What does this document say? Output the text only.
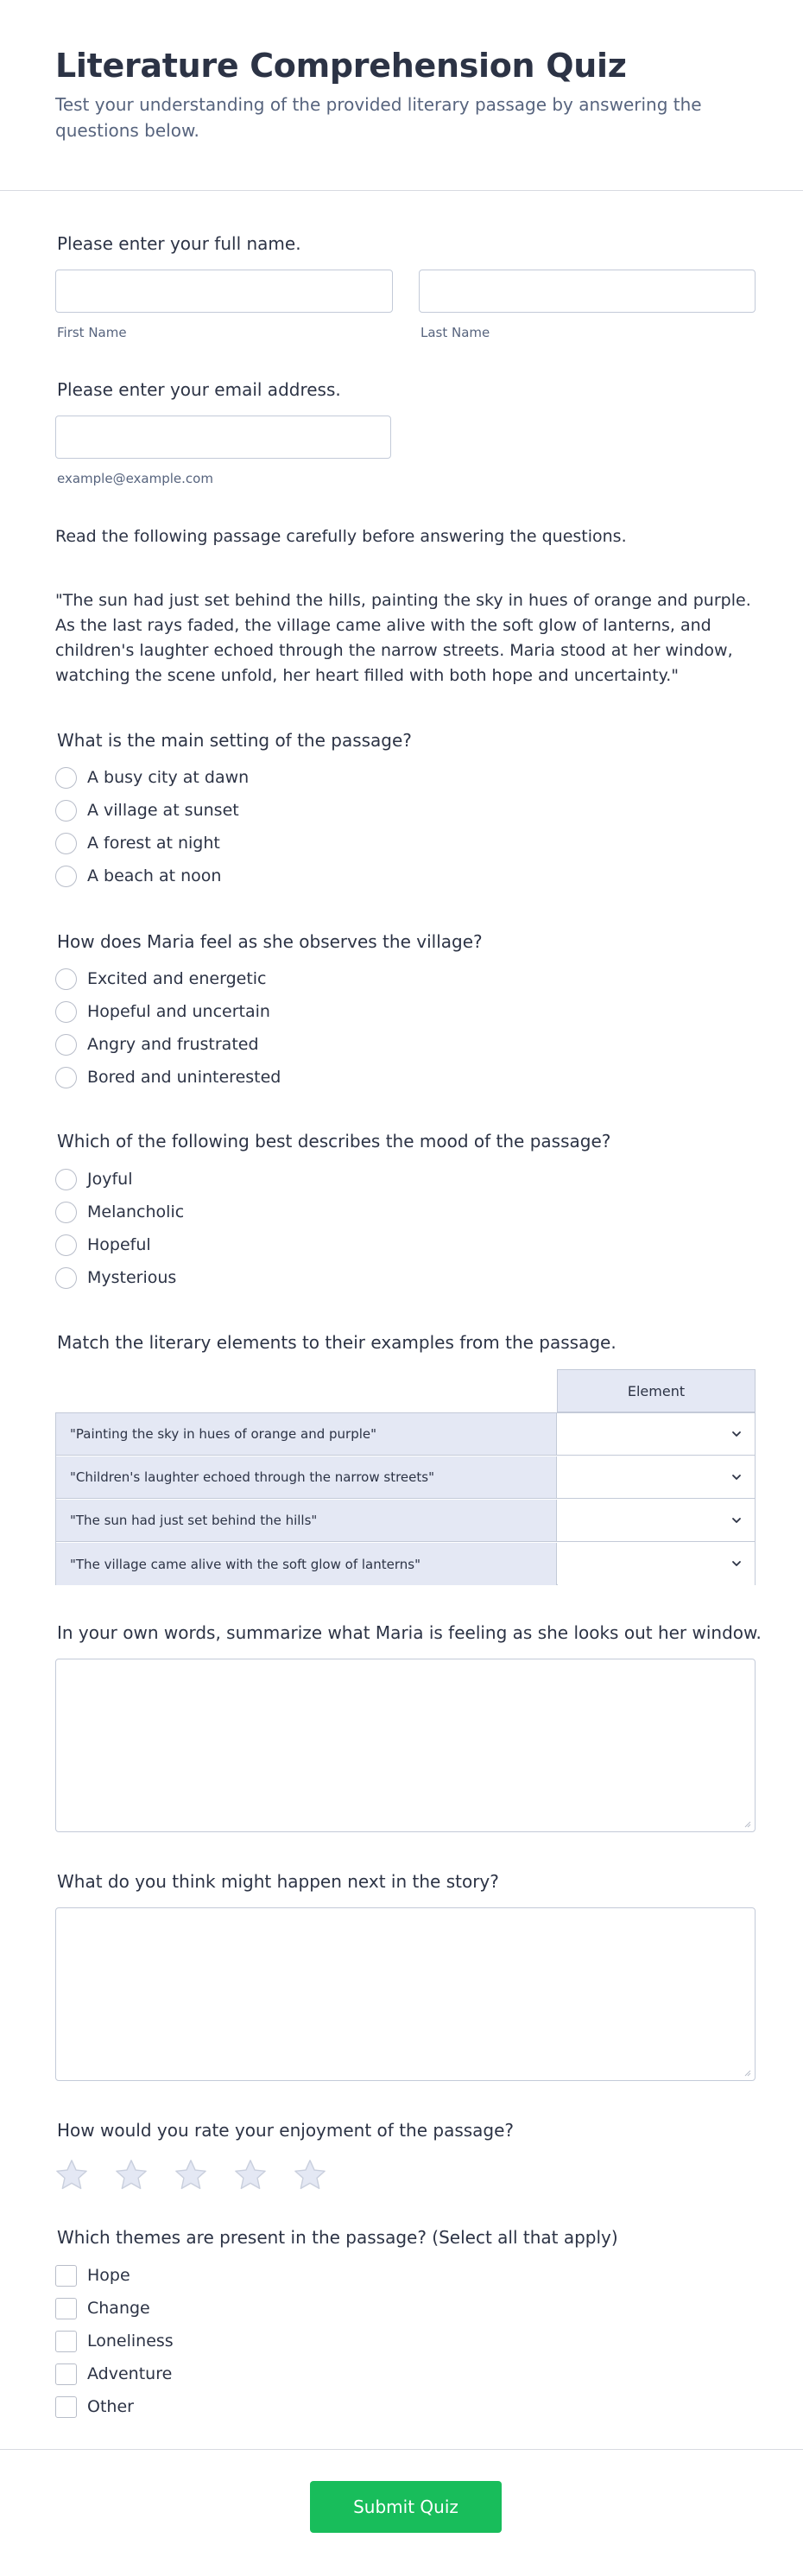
Literature Comprehension Quiz

Test your understanding of the provided literary passage by answering the questions below.

Please enter your full name.
First Name	Last Name
Please enter your email address.
example@example.com
Read the following passage carefully before answering the questions.
"The sun had just set behind the hills, painting the sky in hues of orange and purple. As the last rays faded, the village came alive with the soft glow of lanterns, and children's laughter echoed through the narrow streets. Maria stood at her window, watching the scene unfold, her heart filled with both hope and uncertainty."
What is the main setting of the passage?
A busy city at dawn
A village at sunset
A forest at night
A beach at noon
How does Maria feel as she observes the village?
Excited and energetic
Hopeful and uncertain
Angry and frustrated
Bored and uninterested
Which of the following best describes the mood of the passage?
Joyful
Melancholic
Hopeful
Mysterious
Match the literary elements to their examples from the passage.
Element
"Painting the sky in hues of orange and purple"
"Children's laughter echoed through the narrow streets"
"The sun had just set behind the hills"
"The village came alive with the soft glow of lanterns"
In your own words, summarize what Maria is feeling as she looks out her window.
What do you think might happen next in the story?
How would you rate your enjoyment of the passage?
Which themes are present in the passage? (Select all that apply)
Hope
Change
Loneliness
Adventure
Other
Submit Quiz
